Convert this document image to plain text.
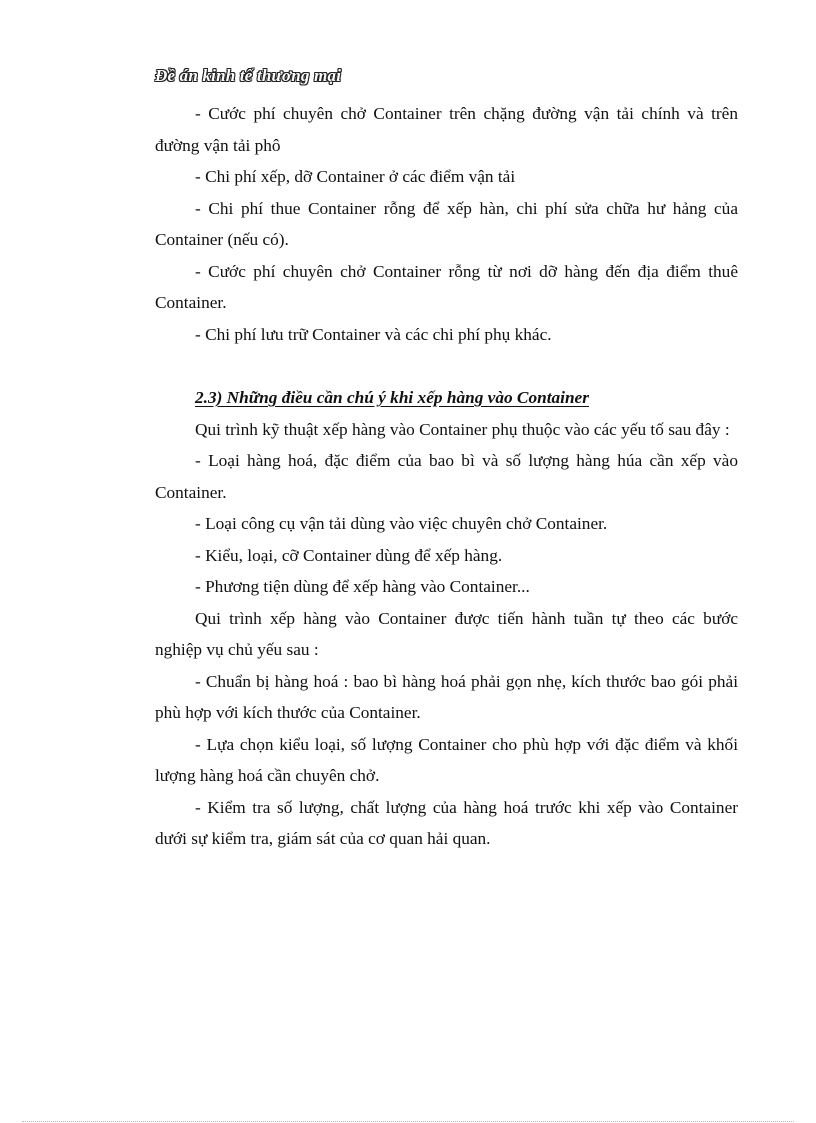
Đề án kinh tế thương mại

- Cước phí chuyên chở Container trên chặng đường vận tải chính và trên đường vận tải phô

- Chi phí xếp, dỡ Container ở các điểm vận tải

- Chi phí thue Container rỗng để xếp hàn, chi phí sửa chữa hư hảng của Container (nếu có).

- Cước phí chuyên chở Container rỗng từ nơi dỡ hàng đến địa điểm thuê Container.

- Chi phí lưu trữ Container và các chi phí phụ khác.

2.3) Những điều cần chú ý khi xếp hàng vào Container

Qui trình kỹ thuật xếp hàng vào Container phụ thuộc vào các yếu tố sau đây :

- Loại hàng hoá, đặc điểm của bao bì và số lượng hàng húa cần xếp vào Container.

- Loại công cụ vận tải dùng vào việc chuyên chở Container.

- Kiểu, loại, cỡ Container dùng để xếp hàng.

- Phương tiện dùng để xếp hàng vào Container...

Qui trình xếp hàng vào Container được tiến hành tuần tự theo các bước nghiệp vụ chủ yếu sau :

- Chuẩn bị hàng hoá : bao bì hàng hoá phải gọn nhẹ, kích thước bao gói phải phù hợp với kích thước của Container.

- Lựa chọn kiểu loại, số lượng Container cho phù hợp với đặc điểm và khối lượng hàng hoá cần chuyên chở.

- Kiểm tra số lượng, chất lượng của hàng hoá trước khi xếp vào Container dưới sự kiểm tra, giám sát của cơ quan hải quan.
